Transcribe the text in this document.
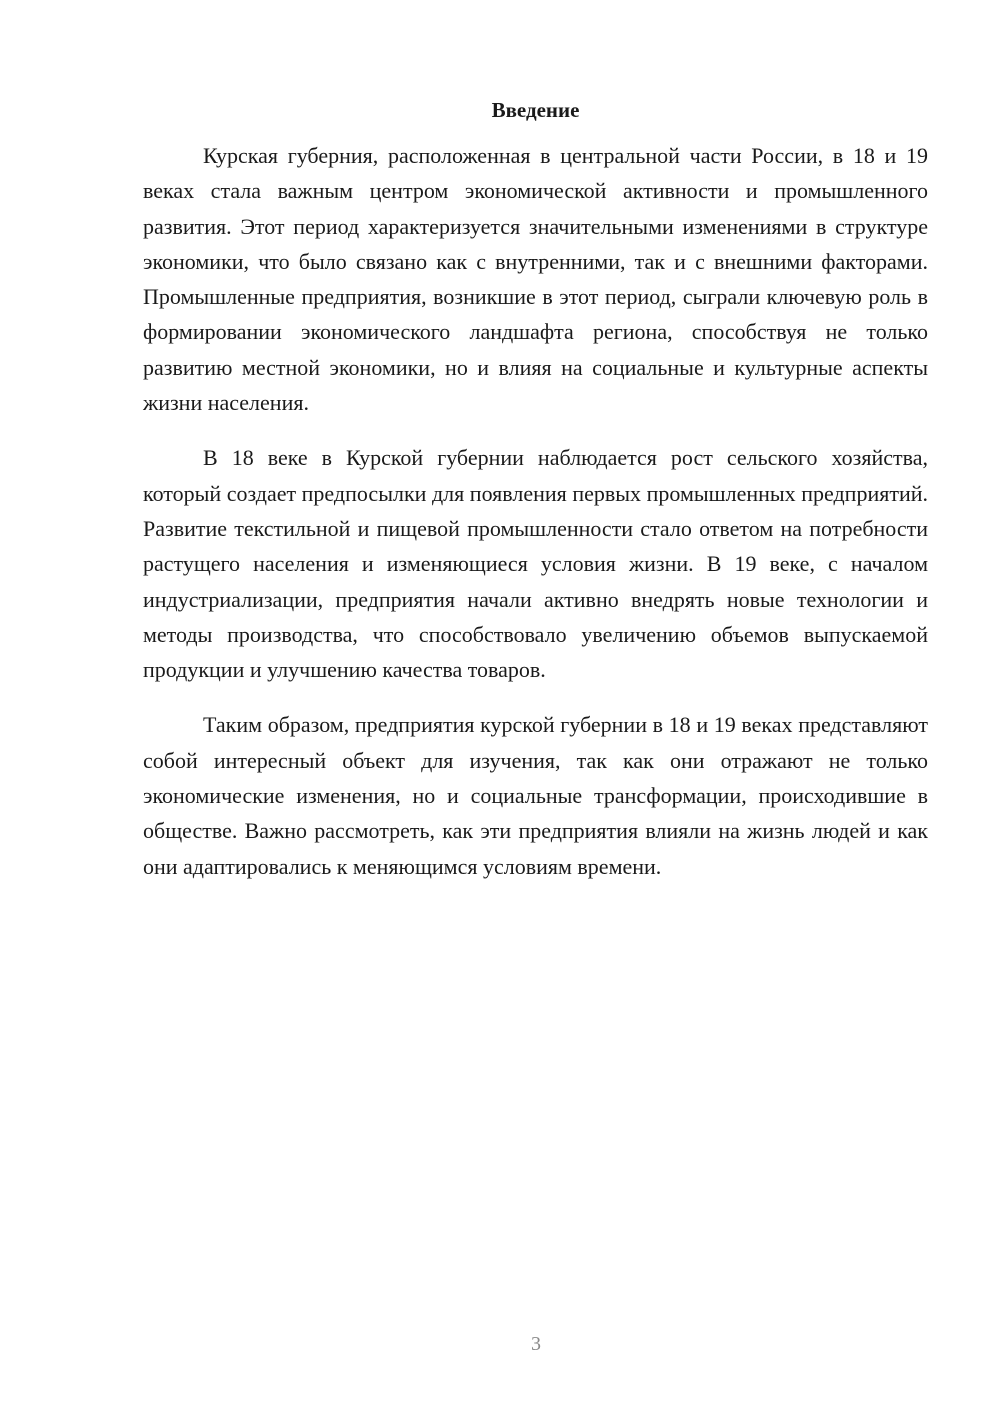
Введение

Курская губерния, расположенная в центральной части России, в 18 и 19 веках стала важным центром экономической активности и промышленного развития. Этот период характеризуется значительными изменениями в структуре экономики, что было связано как с внутренними, так и с внешними факторами. Промышленные предприятия, возникшие в этот период, сыграли ключевую роль в формировании экономического ландшафта региона, способствуя не только развитию местной экономики, но и влияя на социальные и культурные аспекты жизни населения.

В 18 веке в Курской губернии наблюдается рост сельского хозяйства, который создает предпосылки для появления первых промышленных предприятий. Развитие текстильной и пищевой промышленности стало ответом на потребности растущего населения и изменяющиеся условия жизни. В 19 веке, с началом индустриализации, предприятия начали активно внедрять новые технологии и методы производства, что способствовало увеличению объемов выпускаемой продукции и улучшению качества товаров.

Таким образом, предприятия курской губернии в 18 и 19 веках представляют собой интересный объект для изучения, так как они отражают не только экономические изменения, но и социальные трансформации, происходившие в обществе. Важно рассмотреть, как эти предприятия влияли на жизнь людей и как они адаптировались к меняющимся условиям времени.

3
